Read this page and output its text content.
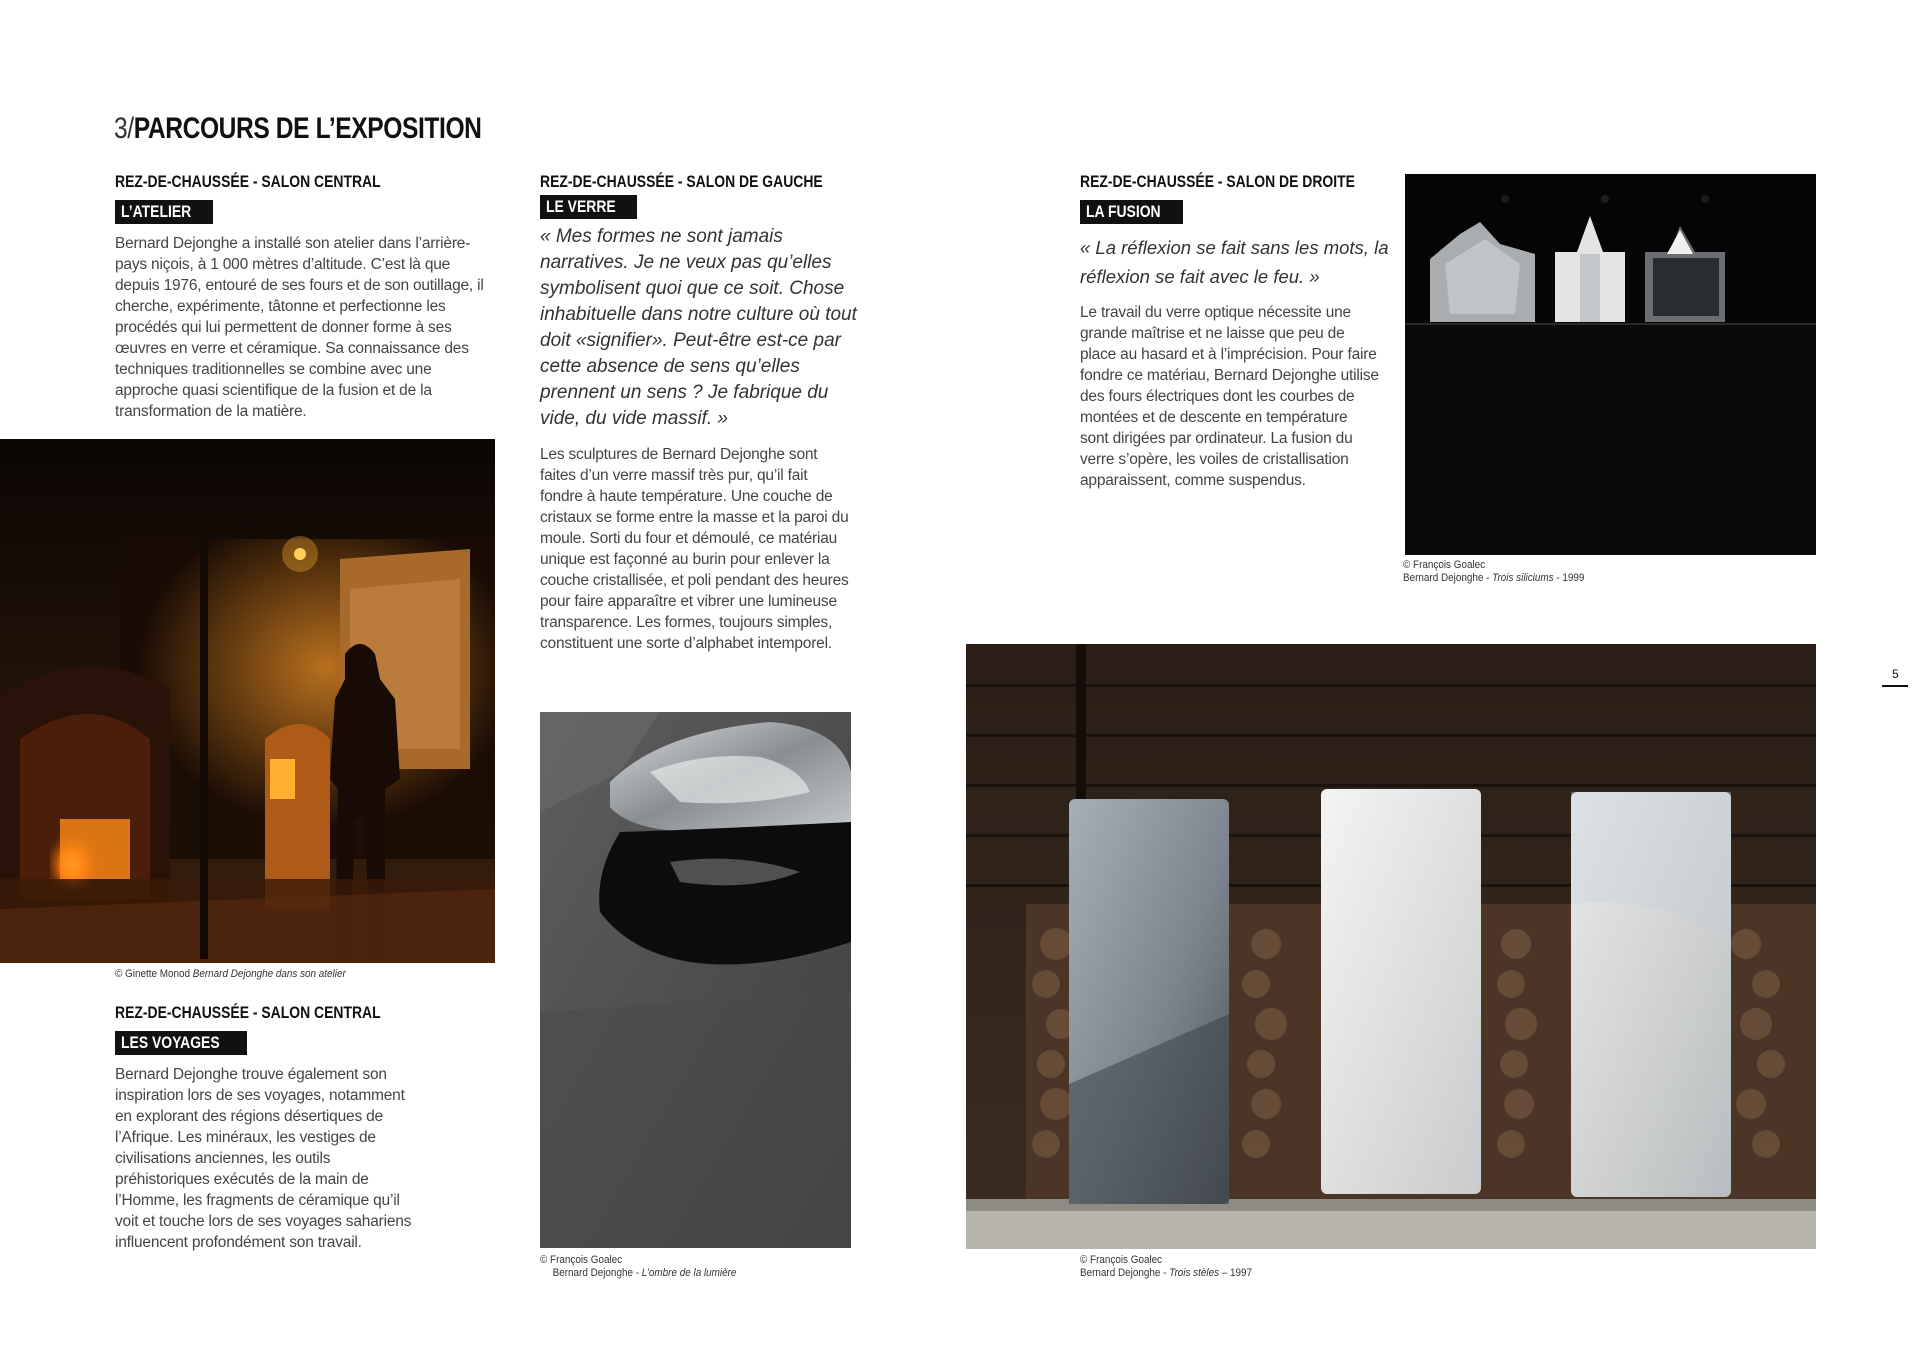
3/PARCOURS DE L’EXPOSITION
REZ-DE-CHAUSSÉE - SALON CENTRAL
L’ATELIER
Bernard Dejonghe a installé son atelier dans l’arrière-pays niçois, à 1 000 mètres d’altitude. C’est là que depuis 1976, entouré de ses fours et de son outillage, il cherche, expérimente, tâtonne et perfectionne les procédés qui lui permettent de donner forme à ses œuvres en verre et céramique. Sa connaissance des techniques traditionnelles se combine avec une approche quasi scientifique de la fusion et de la transformation de la matière.
© Ginette Monod Bernard Dejonghe dans son atelier
REZ-DE-CHAUSSÉE - SALON CENTRAL
LES VOYAGES
Bernard Dejonghe trouve également son inspiration lors de ses voyages, notamment en explorant des régions désertiques de l’Afrique. Les minéraux, les vestiges de civilisations anciennes, les outils préhistoriques exécutés de la main de l’Homme, les fragments de céramique qu’il voit et touche lors de ses voyages sahariens influencent profondément son travail.
REZ-DE-CHAUSSÉE - SALON DE GAUCHE
LE VERRE
« Mes formes ne sont jamais narratives. Je ne veux pas qu’elles symbolisent quoi que ce soit. Chose inhabituelle dans notre culture où tout doit «signifier». Peut-être est-ce par cette absence de sens qu’elles prennent un sens ? Je fabrique du vide, du vide massif. »
Les sculptures de Bernard Dejonghe sont faites d’un verre massif très pur, qu’il fait fondre à haute température. Une couche de cristaux se forme entre la masse et la paroi du moule. Sorti du four et démoulé, ce matériau unique est façonné au burin pour enlever la couche cristallisée, et poli pendant des heures pour faire apparaître et vibrer une lumineuse transparence. Les formes, toujours simples, constituent une sorte d’alphabet intemporel.
© François Goalec
Bernard Dejonghe - L’ombre de la lumière
REZ-DE-CHAUSSÉE - SALON DE DROITE
LA FUSION
« La réflexion se fait sans les mots, la réflexion se fait avec le feu. »
Le travail du verre optique nécessite une grande maîtrise et ne laisse que peu de place au hasard et à l’imprécision. Pour faire fondre ce matériau, Bernard Dejonghe utilise des fours électriques dont les courbes de montées et de descente en température sont dirigées par ordinateur. La fusion du verre s’opère, les voiles de cristallisation apparaissent, comme suspendus.
© François Goalec
Bernard Dejonghe - Trois siliciums - 1999
© François Goalec
Bernard Dejonghe - Trois stèles – 1997
5
